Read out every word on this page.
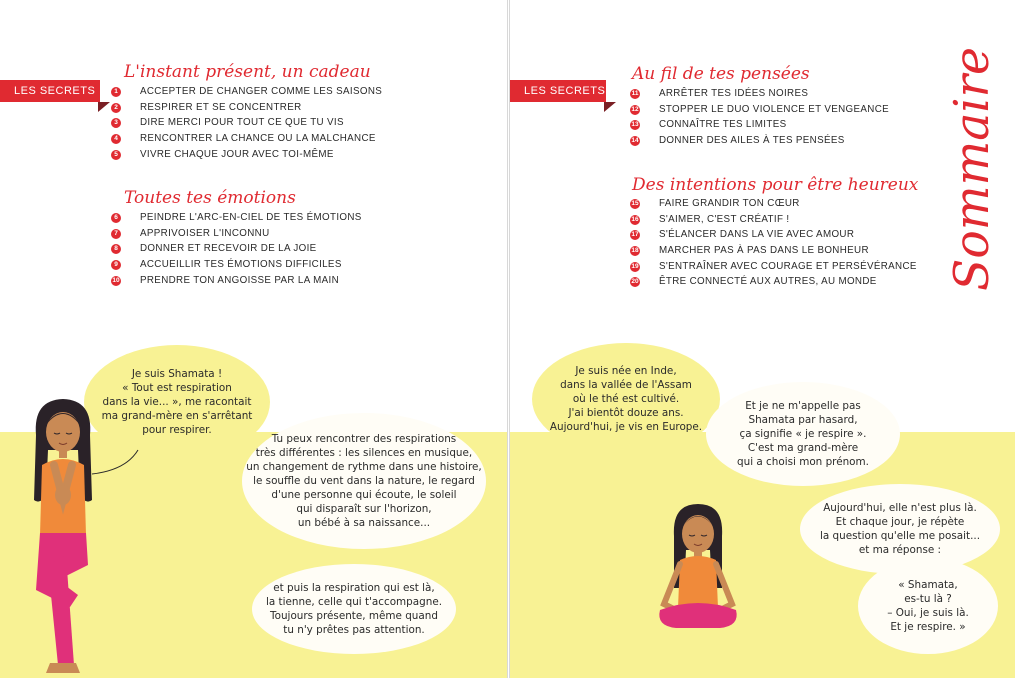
LES SECRETS
L'instant présent, un cadeau
1	ACCEPTER DE CHANGER COMME LES SAISONS
2	RESPIRER ET SE CONCENTRER
3	DIRE MERCI POUR TOUT CE QUE TU VIS
4	RENCONTRER LA CHANCE OU LA MALCHANCE
5	VIVRE CHAQUE JOUR AVEC TOI-MÊME
Toutes tes émotions
6	PEINDRE L'ARC-EN-CIEL DE TES ÉMOTIONS
7	APPRIVOISER L'INCONNU
8	DONNER ET RECEVOIR DE LA JOIE
9	ACCUEILLIR TES ÉMOTIONS DIFFICILES
10 PRENDRE TON ANGOISSE PAR LA MAIN

Je suis Shamata !
« Tout est respiration
dans la vie... », me racontait
ma grand-mère en s'arrêtant
pour respirer.

Tu peux rencontrer des respirations
très différentes : les silences en musique,
un changement de rythme dans une histoire,
le souffle du vent dans la nature, le regard
d'une personne qui écoute, le soleil
qui disparaît sur l'horizon,
un bébé à sa naissance...

et puis la respiration qui est là,
la tienne, celle qui t'accompagne.
Toujours présente, même quand
tu n'y prêtes pas attention.

LES SECRETS	Sommaire
Au fil de tes pensées
11 ARRÊTER TES IDÉES NOIRES
12 STOPPER LE DUO VIOLENCE ET VENGEANCE
13 CONNAÎTRE TES LIMITES
14 DONNER DES AILES À TES PENSÉES
Des intentions pour être heureux
15 FAIRE GRANDIR TON CŒUR
16 S'AIMER, C'EST CRÉATIF !
17 S'ÉLANCER DANS LA VIE AVEC AMOUR
18 MARCHER PAS À PAS DANS LE BONHEUR
19 S'ENTRAÎNER AVEC COURAGE ET PERSÉVÉRANCE
20 ÊTRE CONNECTÉ AUX AUTRES, AU MONDE

Je suis née en Inde,
dans la vallée de l'Assam
où le thé est cultivé.
J'ai bientôt douze ans.
Aujourd'hui, je vis en Europe.

Et je ne m'appelle pas
Shamata par hasard,
ça signifie « je respire ».
C'est ma grand-mère
qui a choisi mon prénom.

Aujourd'hui, elle n'est plus là.
Et chaque jour, je répète
la question qu'elle me posait...
et ma réponse :

« Shamata,
es-tu là ?
– Oui, je suis là.
Et je respire. »
